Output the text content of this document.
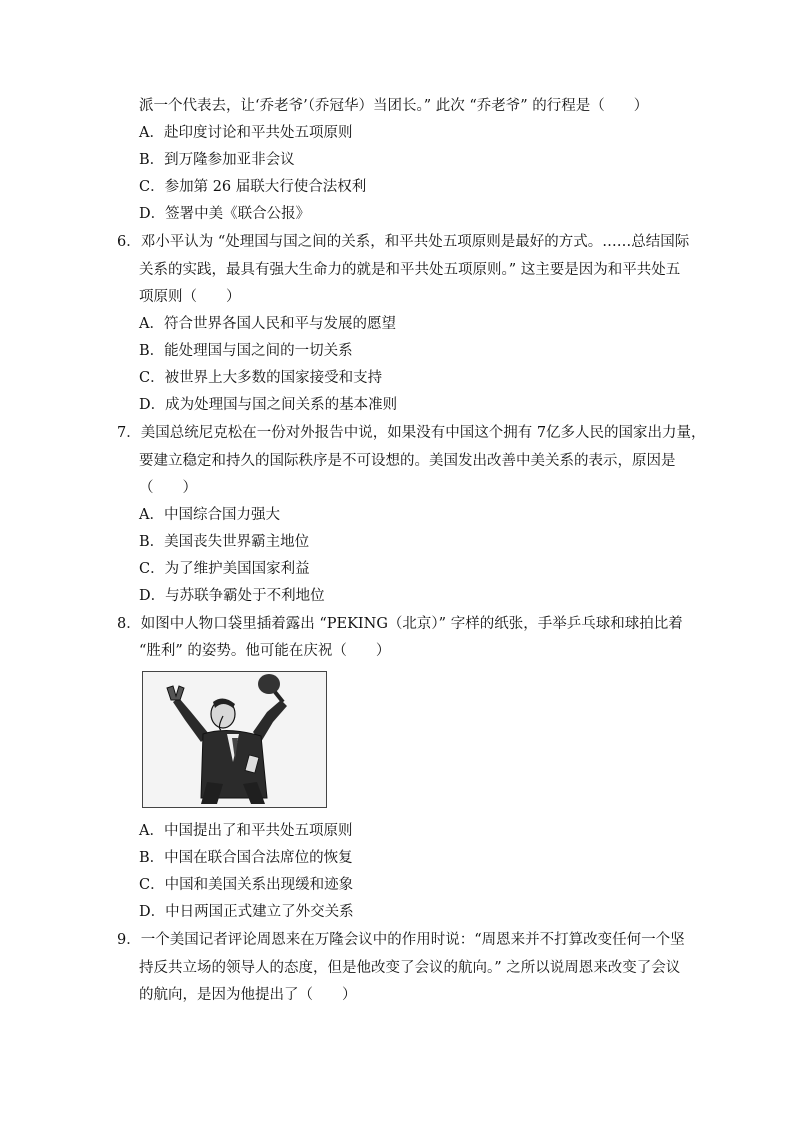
派一个代表去，让‘乔老爷’（乔冠华）当团长。” 此次 “乔老爷” 的行程是（　　）
A．赴印度讨论和平共处五项原则
B．到万隆参加亚非会议
C．参加第 26 届联大行使合法权利
D．签署中美《联合公报》
6．邓小平认为 “处理国与国之间的关系，和平共处五项原则是最好的方式。……总结国际
关系的实践，最具有强大生命力的就是和平共处五项原则。” 这主要是因为和平共处五
项原则（　　）
A．符合世界各国人民和平与发展的愿望
B．能处理国与国之间的一切关系
C．被世界上大多数的国家接受和支持
D．成为处理国与国之间关系的基本准则
7．美国总统尼克松在一份对外报告中说，如果没有中国这个拥有 7亿多人民的国家出力量，
要建立稳定和持久的国际秩序是不可设想的。美国发出改善中美关系的表示，原因是
（　　）
A．中国综合国力强大
B．美国丧失世界霸主地位
C．为了维护美国国家利益
D．与苏联争霸处于不利地位
8．如图中人物口袋里插着露出 “PEKING（北京）” 字样的纸张，手举乒乓球和球拍比着
“胜利” 的姿势。他可能在庆祝（　　）
A．中国提出了和平共处五项原则
B．中国在联合国合法席位的恢复
C．中国和美国关系出现缓和迹象
D．中日两国正式建立了外交关系
9．一个美国记者评论周恩来在万隆会议中的作用时说：“周恩来并不打算改变任何一个坚
持反共立场的领导人的态度，但是他改变了会议的航向。” 之所以说周恩来改变了会议
的航向，是因为他提出了（　　）
